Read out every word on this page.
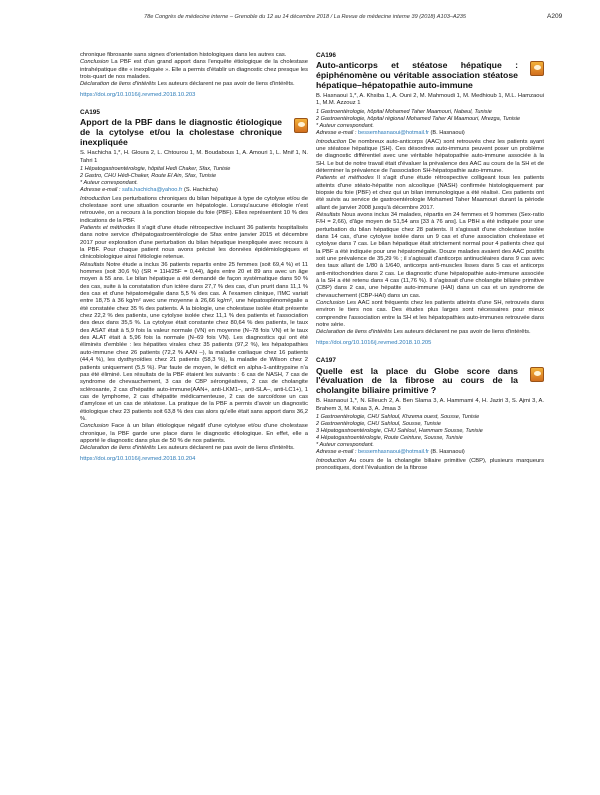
78e Congrès de médecine interne – Grenoble du 12 au 14 décembre 2018 / La Revue de médecine interne 39 (2018) A103–A235	A209

chronique fibrosante sans signes d'orientation histologiques dans les autres cas.

Conclusion La PBF est d'un grand apport dans l'enquête étiologique de la cholestase intrahépatique dite « inexpliquée ». Elle a permis d'établir un diagnostic chez presque les trois-quart de nos malades.

Déclaration de liens d'intérêts Les auteurs déclarent ne pas avoir de liens d'intérêts.

https://doi.org/10.1016/j.revmed.2018.10.203

CA195
Apport de la PBF dans le diagnostic étiologique de la cytolyse et/ou la cholestase chronique inexpliquée

S. Hachicha 1,*, H. Gloura 2, L. Chtourou 1, M. Boudabous 1, A. Amouri 1, L. Mnif 1, N. Tahri 1

1 Hépatogastroentérologie, hôpital Hedi Chaker, Sfax, Tunisie

2 Gastro, CHU Hédi-Chaker, Route El Ain, Sfax, Tunisie

* Auteur correspondant.

Adresse e-mail : safa.hachicha@yahoo.fr (S. Hachicha)

Introduction Les perturbations chroniques du bilan hépatique à type de cytolyse et/ou de cholestase sont une situation courante en hépatologie. Lorsqu'aucune étiologie n'est retrouvée, on a recours à la ponction biopsie du foie (PBF). Elles représentent 10 % des indications de la PBF.

Patients et méthodes Il s'agit d'une étude rétrospective incluant 36 patients hospitalisés dans notre service d'hépatogastroentérologie de Sfax entre janvier 2015 et décembre 2017 pour exploration d'une perturbation du bilan hépatique inexpliquée avec recours à la PBF. Pour chaque patient nous avons précisé les données épidémiologiques et clinicobiologique ainsi l'étiologie retenue.

Résultats Notre étude a inclus 36 patients repartis entre 25 femmes (soit 69,4 %) et 11 hommes (soit 30,6 %) (SR = 11H/25F = 0,44), âgés entre 20 et 89 ans avec un âge moyen à 55 ans. Le bilan hépatique a été demandé de façon systématique dans 50 % des cas, suite à la constatation d'un ictère dans 27,7 % des cas, d'un prurit dans 11,1 % des cas et d'une hépatomégalie dans 5,5 % des cas. À l'examen clinique, l'IMC variait entre 18,75 à 36 kg/m² avec une moyenne à 26,66 kg/m², une hépatosplénomégalie a été constatée chez 35 % des patients. À la biologie, une cholestase isolée était présente chez 22,2 % des patients, une cytolyse isolée chez 11,1 % des patients et l'association des deux dans 35,5 %. La cytolyse était constante chez 80,64 % des patients, le taux des ASAT était à 5,9 fois la valeur normale (VN) en moyenne (N–78 fois VN) et le taux des ALAT était à 5,96 fois la normale (N–69 fois VN). Les diagnostics qui ont été éliminés d'emblée : les hépatites virales chez 35 patients (97,2 %), les hépatopathies auto-immune chez 26 patients (72,2 % AAN –), la maladie cœliaque chez 16 patients (44,4 %), les dysthyroïdies chez 21 patients (58,3 %), la maladie de Wilson chez 2 patients uniquement (5,5 %). Par faute de moyen, le déficit en alpha-1-antitrypsine n'a pas été éliminé. Les résultats de la PBF étaient les suivants : 6 cas de NASH, 7 cas de syndrome de chevauchement, 3 cas de CBP sérongéatives, 2 cas de cholangite sclérosante, 2 cas d'hépatite auto-immune(AAN+, anti-LKM1–, anti-SLA–, anti-LC1+), 1 cas de lymphome, 2 cas d'hépatite médicamenteuse, 2 cas de sarcoïdose un cas d'amylose et un cas de stéatose. La pratique de la PBF a permis d'avoir un diagnostic étiologique chez 23 patients soit 63,8 % des cas alors qu'elle était sans apport dans 36,2 %.

Conclusion Face à un bilan étiologique négatif d'une cytolyse et/ou d'une cholestase chronique, la PBF garde une place dans le diagnostic étiologique. En effet, elle a apporté le diagnostic dans plus de 50 % de nos patients.

Déclaration de liens d'intérêts Les auteurs déclarent ne pas avoir de liens d'intérêts.

https://doi.org/10.1016/j.revmed.2018.10.204

CA196
Auto-anticorps et stéatose hépatique : épiphénomène ou véritable association stéatose hépatique–hépatopathie auto-immune

B. Hasnaoui 1,*, A. Khsiba 1, A. Ouni 2, M. Mahmoudi 1, M. Medhioub 1, M.L. Hamzaoui 1, M.M. Azzouz 1

1 Gastroentérologie, hôpital Mohamed Taher Maamouri, Nabeul, Tunisie

2 Gastroentérologie, hôpital régional Mohamed Taher Al Maamouri, Mrezga, Tunisie

* Auteur correspondant.

Adresse e-mail : bessemhasnaoui@hotmail.fr (B. Hasnaoui)

Introduction De nombreux auto-anticorps (AAC) sont retrouvés chez les patients ayant une stéatose hépatique (SH). Ces désordres auto-immuns peuvent poser un problème de diagnostic différentiel avec une véritable hépatopathie auto-immune associée à la SH. Le but de notre travail était d'évaluer la prévalence des AAC au cours de la SH et de déterminer la prévalence de l'association SH-hépatopathie auto-immune.

Patients et méthodes Il s'agit d'une étude rétrospective colligeant tous les patients atteints d'une stéato-hépatite non alcoolique (NASH) confirmée histologiquement par biopsie du foie (PBF) et chez qui un bilan immunologique a été réalisé. Ces patients ont été suivis au service de gastroentérologie Mohamed Taher Maamouri durant la période allant de janvier 2008 jusqu'à décembre 2017.

Résultats Nous avons inclus 34 malades, répartis en 24 femmes et 9 hommes (Sex-ratio F/H = 2,66), d'âge moyen de 51,54 ans [33 à 76 ans]. La PBH a été indiquée pour une perturbation du bilan hépatique chez 28 patients. Il s'agissait d'une cholestase isolée dans 14 cas, d'une cytolyse isolée dans un 9 cas et d'une association cholestase et cytolyse dans 7 cas. Le bilan hépatique était strictement normal pour 4 patients chez qui la PBF a été indiquée pour une hépatomégalie. Douze malades avaient des AAC positifs soit une prévalence de 35,29 % ; il s'agissait d'anticorps antinucléaires dans 9 cas avec des taux allant de 1/80 à 1/640, anticorps anti-muscles lisses dans 5 cas et anticorps anti-mitochondries dans 2 cas. Le diagnostic d'une hépatopathie auto-immune associée à la SH a été retenu dans 4 cas (11,76 %). Il s'agissait d'une cholangite biliaire primitive (CBP) dans 2 cas, une hépatite auto-immune (HAI) dans un cas et un syndrome de chevauchement (CBP-HAI) dans un cas.

Conclusion Les AAC sont fréquents chez les patients atteints d'une SH, retrouvés dans environ le tiers nos cas. Des études plus larges sont nécessaires pour mieux comprendre l'association entre la SH et les hépatopathies auto-immunes retrouvée dans notre série.

Déclaration de liens d'intérêts Les auteurs déclarent ne pas avoir de liens d'intérêts.

https://doi.org/10.1016/j.revmed.2018.10.205

CA197
Quelle est la place du Globe score dans l'évaluation de la fibrose au cours de la cholangite biliaire primitive ?

B. Hasnaoui 1,*, N. Elleuch 2, A. Ben Slama 3, A. Hammami 4, H. Jaziri 3, S. Ajmi 3, A. Brahem 3, M. Ksiaa 3, A. Jmaa 3

1 Gastroentérologie, CHU Sahloul, Khzema ouest, Sousse, Tunisie

2 Gastroentérologie, CHU Sahloul, Sousse, Tunisie

3 Hépatogastroentérologie, CHU Sahloul, Hammam Sousse, Tunisie

4 Hépatogastroentérologie, Route Ceinture, Sousse, Tunisie

* Auteur correspondant.

Adresse e-mail : bessemhasnaoui@hotmail.fr (B. Hasnaoui)

Introduction Au cours de la cholangite biliaire primitive (CBP), plusieurs marqueurs pronostiques, dont l'évaluation de la fibrose
